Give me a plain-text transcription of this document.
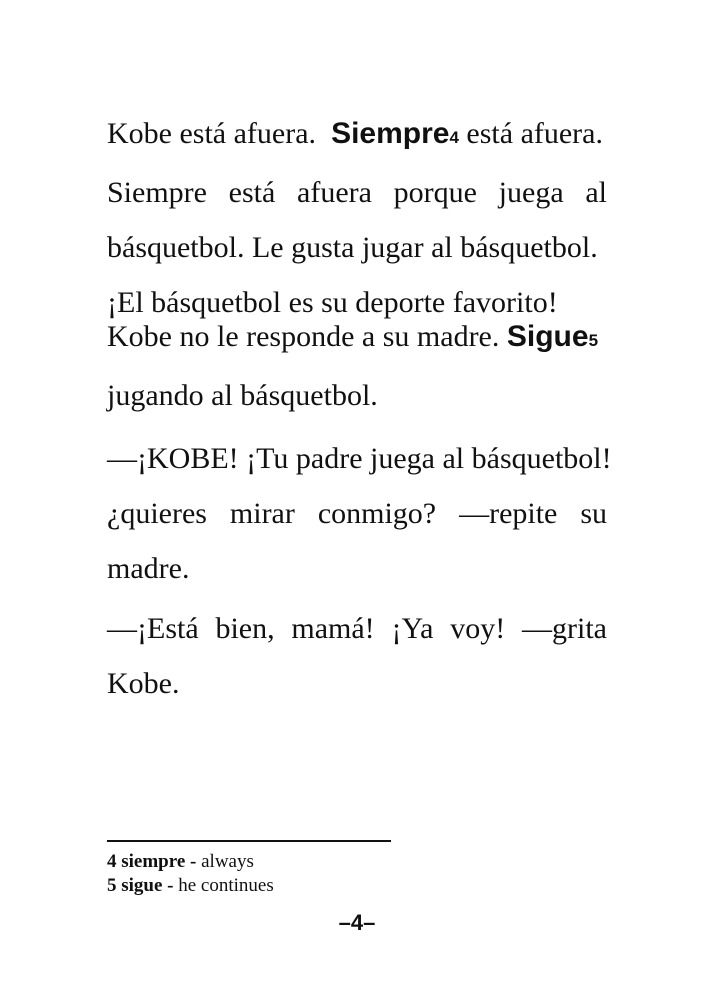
Kobe está afuera. Siempre4 está afuera.
Siempre está afuera porque juega al
básquetbol. Le gusta jugar al básquetbol.
¡El básquetbol es su deporte favorito!
Kobe no le responde a su madre. Sigue5
jugando al básquetbol.
—¡KOBE! ¡Tu padre juega al básquetbol!
¿quieres mirar conmigo? —repite su
madre.
—¡Está bien, mamá! ¡Ya voy! —grita
Kobe.
4 siempre - always
5 sigue - he continues
–4–
